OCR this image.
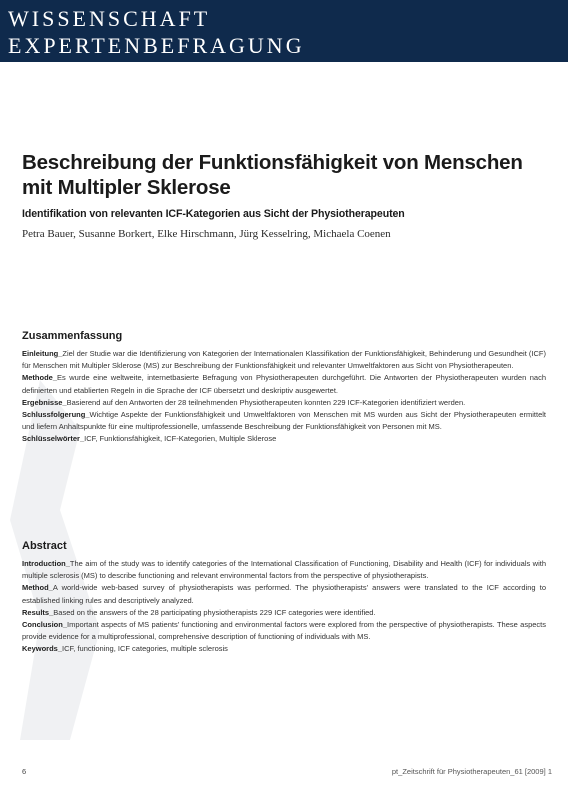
WISSENSCHAFT
EXPERTENBEFRAGUNG
Beschreibung der Funktionsfähigkeit von Menschen mit Multipler Sklerose
Identifikation von relevanten ICF-Kategorien aus Sicht der Physiotherapeuten
Petra Bauer, Susanne Borkert, Elke Hirschmann, Jürg Kesselring, Michaela Coenen
Zusammenfassung

Einleitung_Ziel der Studie war die Identifizierung von Kategorien der Internationalen Klassifikation der Funktionsfähigkeit, Behinderung und Gesundheit (ICF) für Menschen mit Multipler Sklerose (MS) zur Beschreibung der Funktionsfähigkeit und relevanter Umweltfaktoren aus Sicht von Physiotherapeuten.

Methode_Es wurde eine weltweite, internetbasierte Befragung von Physiotherapeuten durchgeführt. Die Antworten der Physiotherapeuten wurden nach definierten und etablierten Regeln in die Sprache der ICF übersetzt und deskriptiv ausgewertet.

Ergebnisse_Basierend auf den Antworten der 28 teilnehmenden Physiotherapeuten konnten 229 ICF-Kategorien identifiziert werden.

Schlussfolgerung_Wichtige Aspekte der Funktionsfähigkeit und Umweltfaktoren von Menschen mit MS wurden aus Sicht der Physiotherapeuten ermittelt und liefern Anhaltspunkte für eine multiprofessionelle, umfassende Beschreibung der Funktionsfähigkeit von Personen mit MS.

Schlüsselwörter_ICF, Funktionsfähigkeit, ICF-Kategorien, Multiple Sklerose

Abstract

Introduction_The aim of the study was to identify categories of the International Classification of Functioning, Disability and Health (ICF) for individuals with multiple sclerosis (MS) to describe functioning and relevant environmental factors from the perspective of physiotherapists.

Method_A world-wide web-based survey of physiotherapists was performed. The physiotherapists' answers were translated to the ICF according to established linking rules and descriptively analyzed.

Results_Based on the answers of the 28 participating physiotherapists 229 ICF categories were identified.

Conclusion_Important aspects of MS patients' functioning and environmental factors were explored from the perspective of physiotherapists. These aspects provide evidence for a multiprofessional, comprehensive description of functioning of individuals with MS.

Keywords_ICF, functioning, ICF categories, multiple sclerosis

6	pt_Zeitschrift für Physiotherapeuten_61 [2009] 1
